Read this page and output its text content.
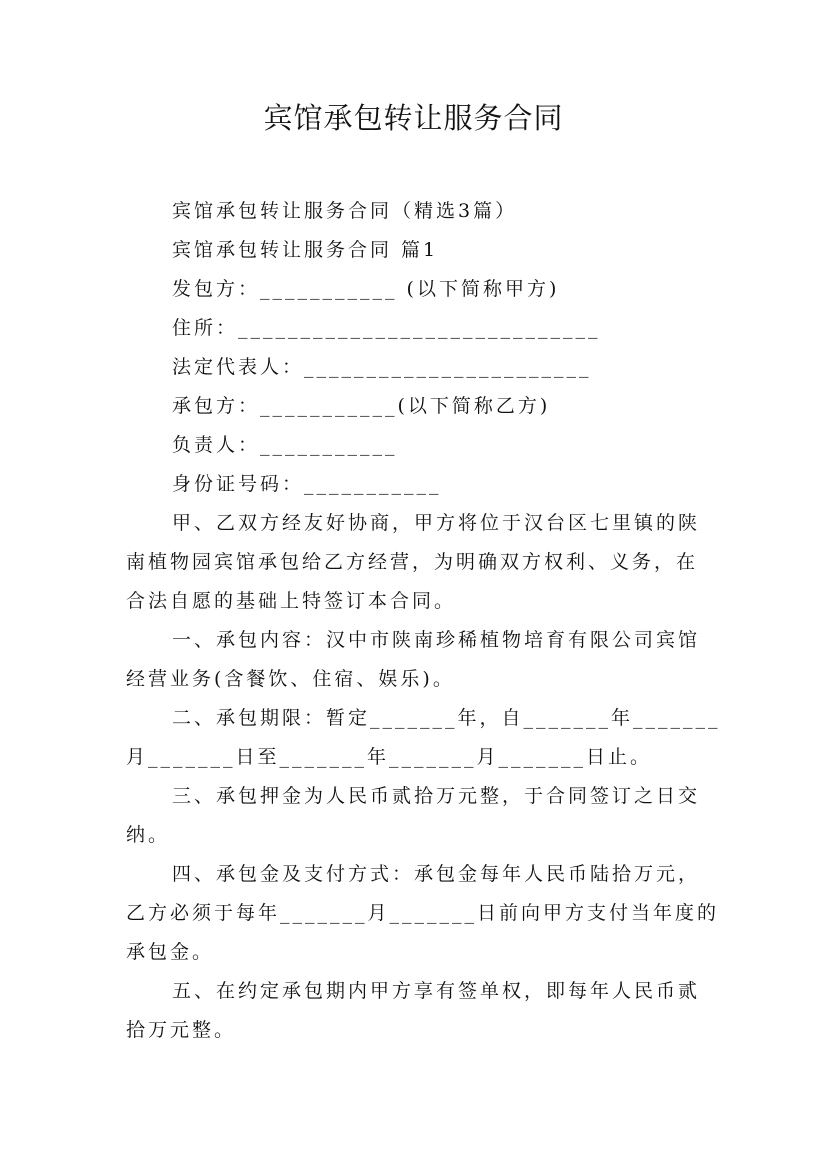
宾馆承包转让服务合同
宾馆承包转让服务合同（精选3篇）
宾馆承包转让服务合同 篇1
发包方：___________ (以下简称甲方)
住所：_____________________________
法定代表人：_______________________
承包方：___________(以下简称乙方)
负责人：___________
身份证号码：___________
甲、乙双方经友好协商，甲方将位于汉台区七里镇的陕
南植物园宾馆承包给乙方经营，为明确双方权利、义务，在
合法自愿的基础上特签订本合同。
一、承包内容：汉中市陕南珍稀植物培育有限公司宾馆
经营业务(含餐饮、住宿、娱乐)。
二、承包期限：暂定_______年，自_______年_______
月_______日至_______年_______月_______日止。
三、承包押金为人民币贰拾万元整，于合同签订之日交
纳。
四、承包金及支付方式：承包金每年人民币陆拾万元，
乙方必须于每年_______月_______日前向甲方支付当年度的
承包金。
五、在约定承包期内甲方享有签单权，即每年人民币贰
拾万元整。
